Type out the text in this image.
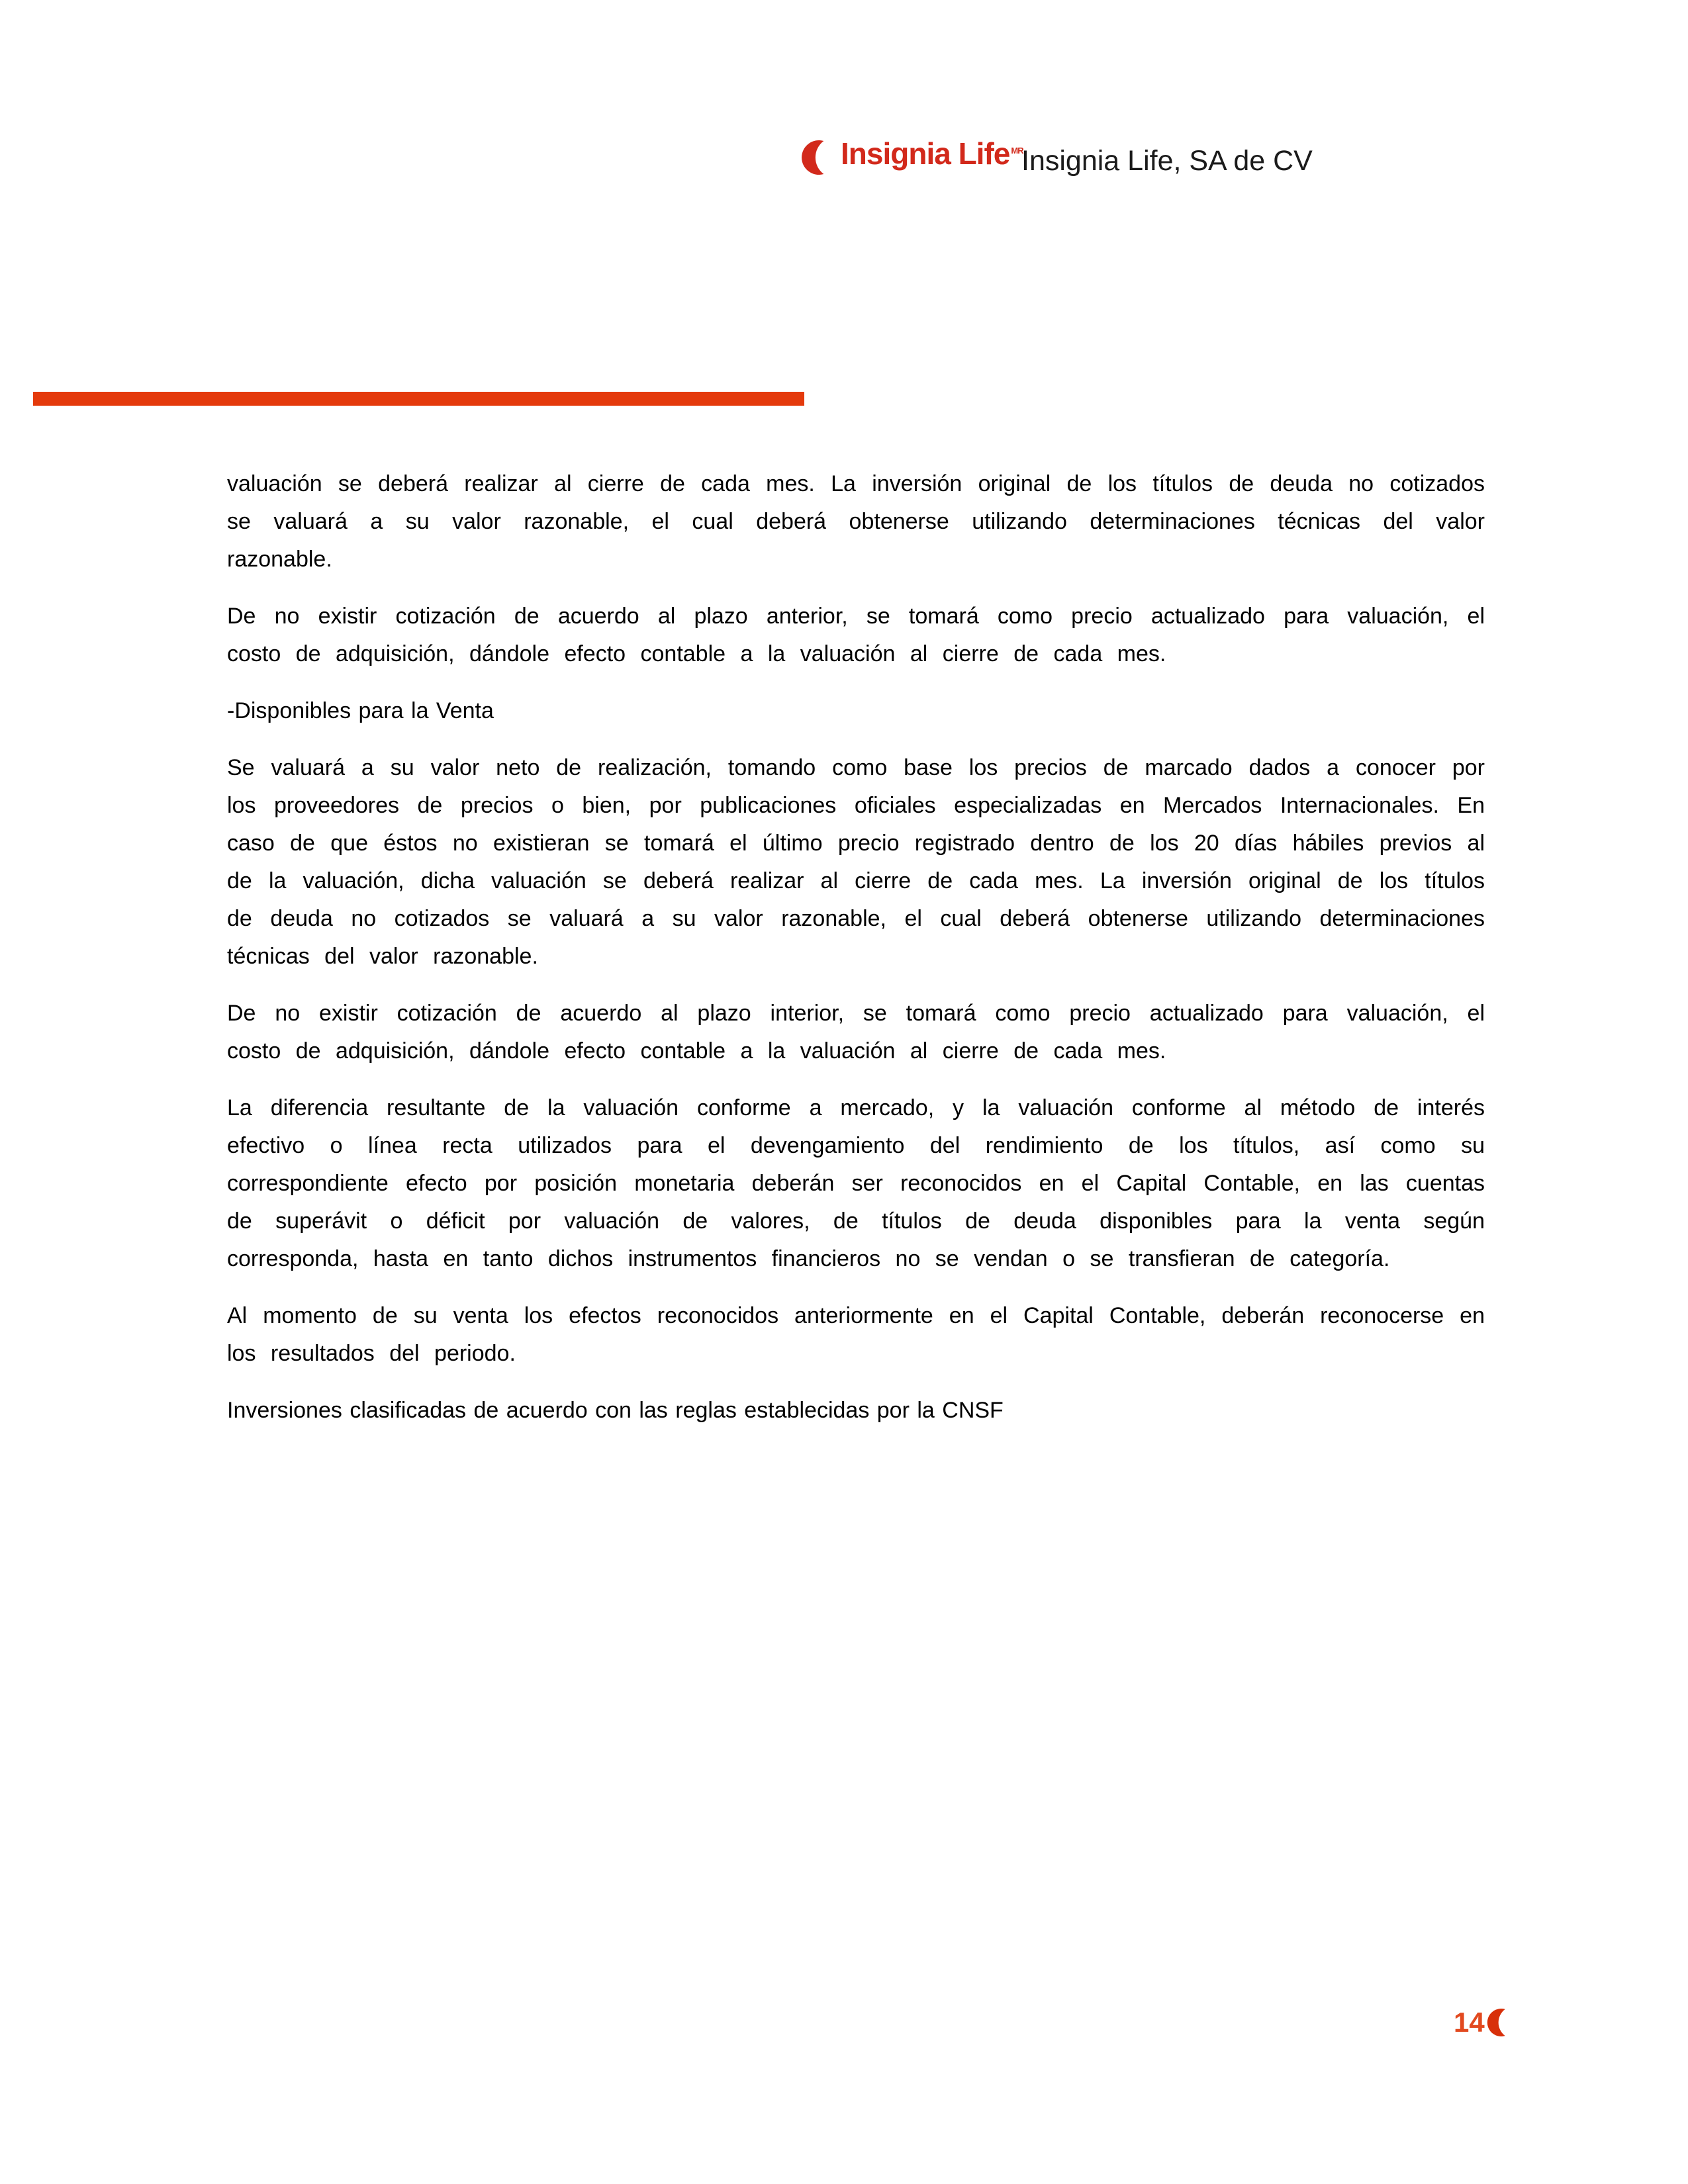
Insignia Life $^{MR}$
Insignia Life, SA de CV

valuación se deberá realizar al cierre de cada mes. La inversión original de los títulos de deuda no cotizados se valuará a su valor razonable, el cual deberá obtenerse utilizando determinaciones técnicas del valor razonable.

De no existir cotización de acuerdo al plazo anterior, se tomará como precio actualizado para valuación, el costo de adquisición, dándole efecto contable a la valuación al cierre de cada mes.

-Disponibles para la Venta

Se valuará a su valor neto de realización, tomando como base los precios de marcado dados a conocer por los proveedores de precios o bien, por publicaciones oficiales especializadas en Mercados Internacionales. En caso de que éstos no existieran se tomará el último precio registrado dentro de los 20 días hábiles previos al de la valuación, dicha valuación se deberá realizar al cierre de cada mes. La inversión original de los títulos de deuda no cotizados se valuará a su valor razonable, el cual deberá obtenerse utilizando determinaciones técnicas del valor razonable.

De no existir cotización de acuerdo al plazo interior, se tomará como precio actualizado para valuación, el costo de adquisición, dándole efecto contable a la valuación al cierre de cada mes.

La diferencia resultante de la valuación conforme a mercado, y la valuación conforme al método de interés efectivo o línea recta utilizados para el devengamiento del rendimiento de los títulos, así como su correspondiente efecto por posición monetaria deberán ser reconocidos en el Capital Contable, en las cuentas de superávit o déficit por valuación de valores, de títulos de deuda disponibles para la venta según corresponda, hasta en tanto dichos instrumentos financieros no se vendan o se transfieran de categoría.

Al momento de su venta los efectos reconocidos anteriormente en el Capital Contable, deberán reconocerse en los resultados del periodo.

Inversiones clasificadas de acuerdo con las reglas establecidas por la CNSF

14
